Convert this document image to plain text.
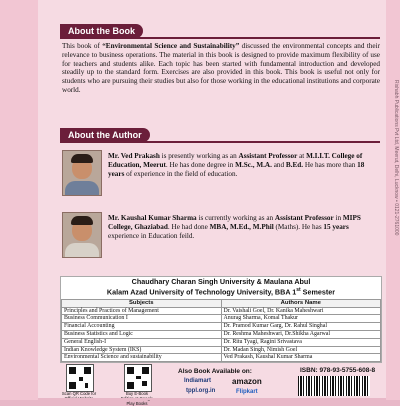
Rishabh Publications Pvt Ltd, Meerut, Delhi, Lucknow • 0121-2761000
About the Book
This book of “Environmental Science and Sustainability” discussed the environmental concepts and their relevance to business operations. The material in this book is designed to provide maximum flexibility of use for teachers and students alike. Each topic has been started with fundamental introduction and developed steadily up to the standard form. Exercises are also provided in this book. This book is useful not only for students who are pursuing their studies but also for those working in the educational institutions and corporate world.
About the Author
Mr. Ved Prakash is presently working as an Assistant Professor at M.I.I.T. College of Education, Meerut. He has done degree in M.Sc., M.A. and B.Ed. He has more than 18 years of experience in the field of education.
Mr. Kaushal Kumar Sharma is currently working as an Assistant Professor in MIPS College, Ghaziabad. He had done MBA, M.Ed., M.Phil (Maths). He has 15 years experience in Education feild.
Chaudhary Charan Singh University & Maulana Abul
Kalam Azad University of Technology University, BBA 1st Semester
Subjects	Authors Name
Principles and Practices of Management	Dr. Vaishali Goel, Dr. Kanika Maheshwari
Business Communication I	Anurag Sharma, Komal Thakur
Financial Accounting	Dr. Pramod Kumar Garg, Dr. Rahul Singhal
Business Statistics and Logic	Dr. Reshma Maheshwari, Dr.Shikha Agarwal
General English-I	Dr. Ritu Tyagi, Ragini Srivastava
Indian Knowledge System (IKS)	Dr. Madan Singh, Nimish Goel
Environmental Science and sustainability	Ved Prakash, Kaushal Kumar Sharma
Scan QR Code for	Buy E-Book Play Books
Also Book Available on:
Indiamart	amazon
tppl.org.in	Flipkart
ISBN: 978-93-5755-608-8
